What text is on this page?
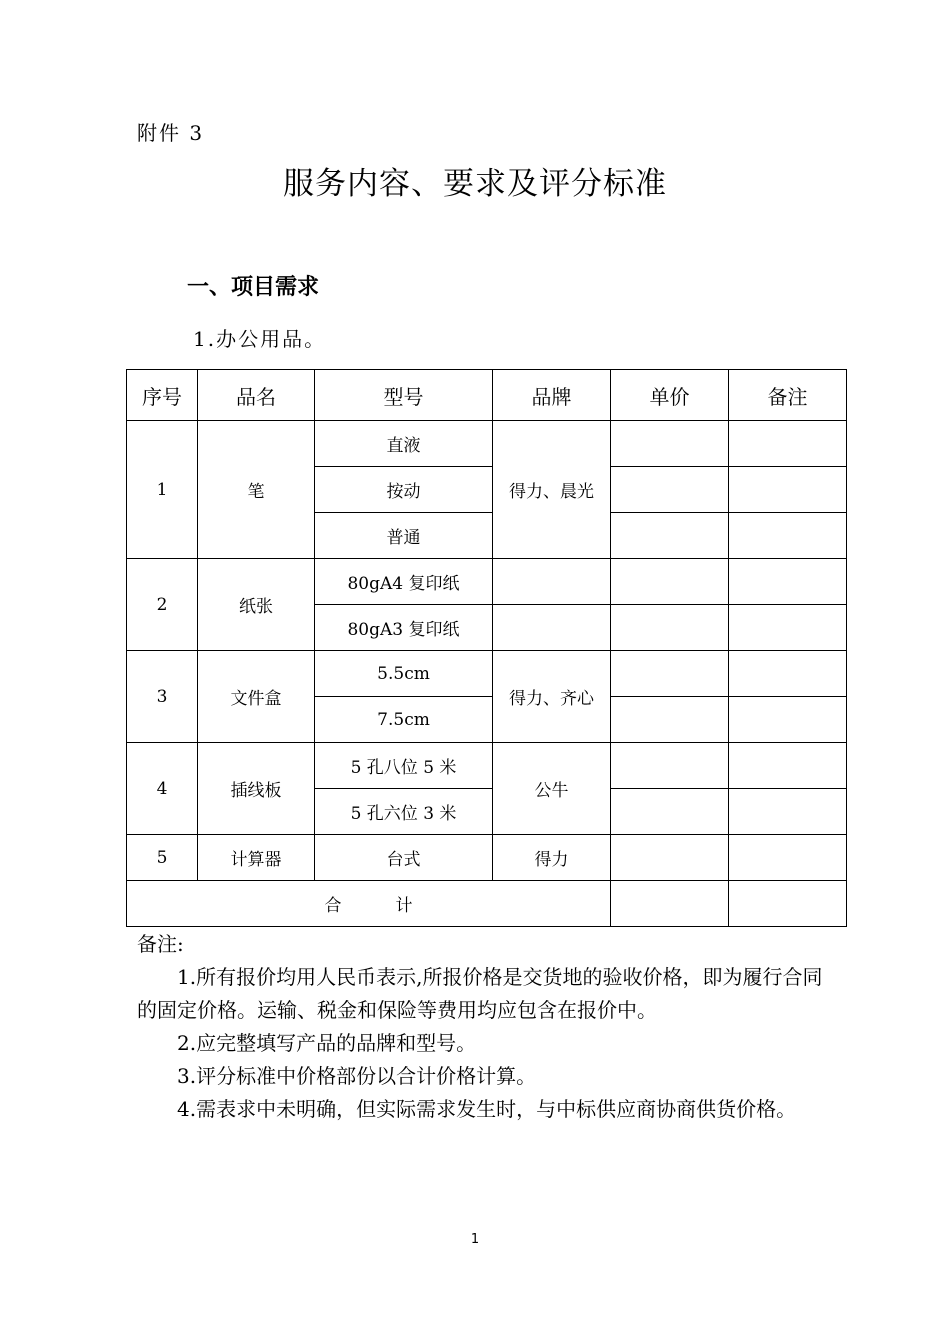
附件 3
服务内容、要求及评分标准
一、项目需求
1.办公用品。
序号	品名	型号	品牌	单价	备注
1	笔	直液	得力、晨光		
		按动			
		普通			
2	纸张	80gA4 复印纸			
		80gA3 复印纸			
3	文件盒	5.5cm	得力、齐心		
		7.5cm			
4	插线板	5 孔八位 5 米	公牛		
		5 孔六位 3 米			
5	计算器	台式	得力		
合          计					

备注:

1.所有报价均用人民币表示,所报价格是交货地的验收价格，即为履行合同的固定价格。运输、税金和保险等费用均应包含在报价中。

2.应完整填写产品的品牌和型号。

3.评分标准中价格部份以合计价格计算。

4.需表求中未明确，但实际需求发生时，与中标供应商协商供货价格。

1
